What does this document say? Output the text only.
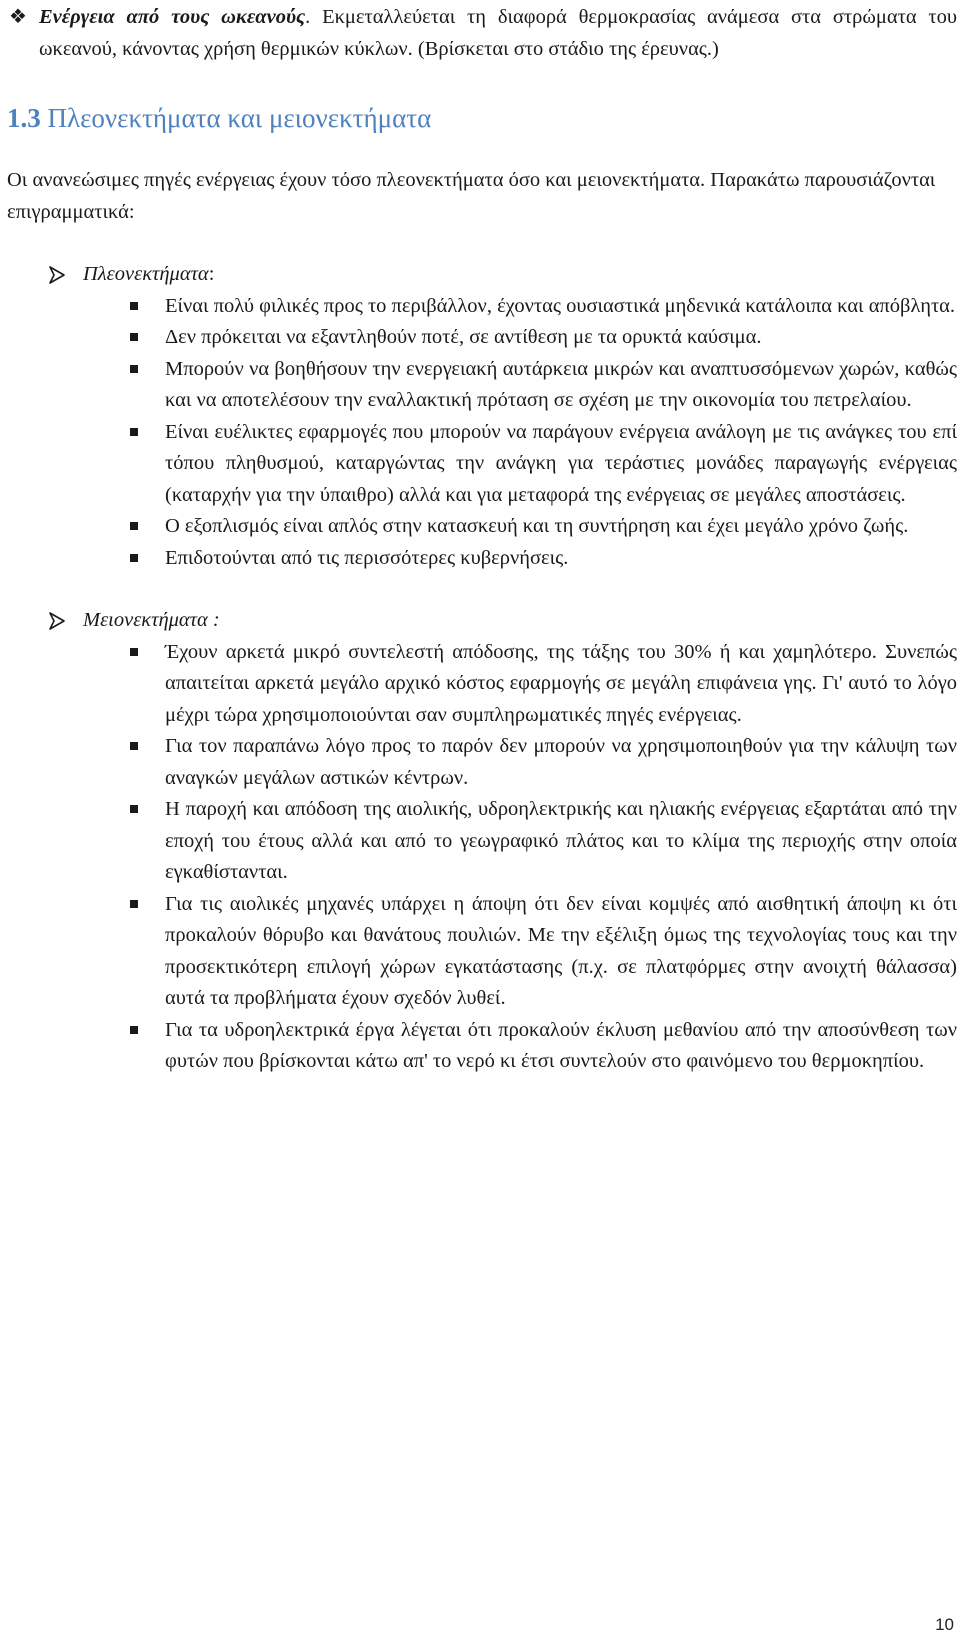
❖ Ενέργεια από τους ωκεανούς. Εκμεταλλεύεται τη διαφορά θερμοκρασίας ανάμεσα στα στρώματα του ωκεανού, κάνοντας χρήση θερμικών κύκλων. (Βρίσκεται στο στάδιο της έρευνας.)
1.3 Πλεονεκτήματα και μειονεκτήματα

Οι ανανεώσιμες πηγές ενέργειας έχουν τόσο πλεονεκτήματα όσο και μειονεκτήματα. Παρακάτω παρουσιάζονται επιγραμματικά:

Πλεονεκτήματα :
Είναι πολύ φιλικές προς το περιβάλλον, έχοντας ουσιαστικά μηδενικά κατάλοιπα και απόβλητα.
Δεν πρόκειται να εξαντληθούν ποτέ, σε αντίθεση με τα ορυκτά καύσιμα.
Μπορούν να βοηθήσουν την ενεργειακή αυτάρκεια μικρών και αναπτυσσόμενων χωρών, καθώς και να αποτελέσουν την εναλλακτική πρόταση σε σχέση με την οικονομία του πετρελαίου.
Είναι ευέλικτες εφαρμογές που μπορούν να παράγουν ενέργεια ανάλογη με τις ανάγκες του επί τόπου πληθυσμού, καταργώντας την ανάγκη για τεράστιες μονάδες παραγωγής ενέργειας (καταρχήν για την ύπαιθρο) αλλά και για μεταφορά της ενέργειας σε μεγάλες αποστάσεις.
Ο εξοπλισμός είναι απλός στην κατασκευή και τη συντήρηση και έχει μεγάλο χρόνο ζωής.
Επιδοτούνται από τις περισσότερες κυβερνήσεις.
Μειονεκτήματα :
Έχουν αρκετά μικρό συντελεστή απόδοσης, της τάξης του 30% ή και χαμηλότερο. Συνεπώς απαιτείται αρκετά μεγάλο αρχικό κόστος εφαρμογής σε μεγάλη επιφάνεια γης. Γι' αυτό το λόγο μέχρι τώρα χρησιμοποιούνται σαν συμπληρωματικές πηγές ενέργειας.
Για τον παραπάνω λόγο προς το παρόν δεν μπορούν να χρησιμοποιηθούν για την κάλυψη των αναγκών μεγάλων αστικών κέντρων.
Η παροχή και απόδοση της αιολικής, υδροηλεκτρικής και ηλιακής ενέργειας εξαρτάται από την εποχή του έτους αλλά και από το γεωγραφικό πλάτος και το κλίμα της περιοχής στην οποία εγκαθίστανται.
Για τις αιολικές μηχανές υπάρχει η άποψη ότι δεν είναι κομψές από αισθητική άποψη κι ότι προκαλούν θόρυβο και θανάτους πουλιών. Με την εξέλιξη όμως της τεχνολογίας τους και την προσεκτικότερη επιλογή χώρων εγκατάστασης (π.χ. σε πλατφόρμες στην ανοιχτή θάλασσα) αυτά τα προβλήματα έχουν σχεδόν λυθεί.
Για τα υδροηλεκτρικά έργα λέγεται ότι προκαλούν έκλυση μεθανίου από την αποσύνθεση των φυτών που βρίσκονται κάτω απ' το νερό κι έτσι συντελούν στο φαινόμενο του θερμοκηπίου.
10
